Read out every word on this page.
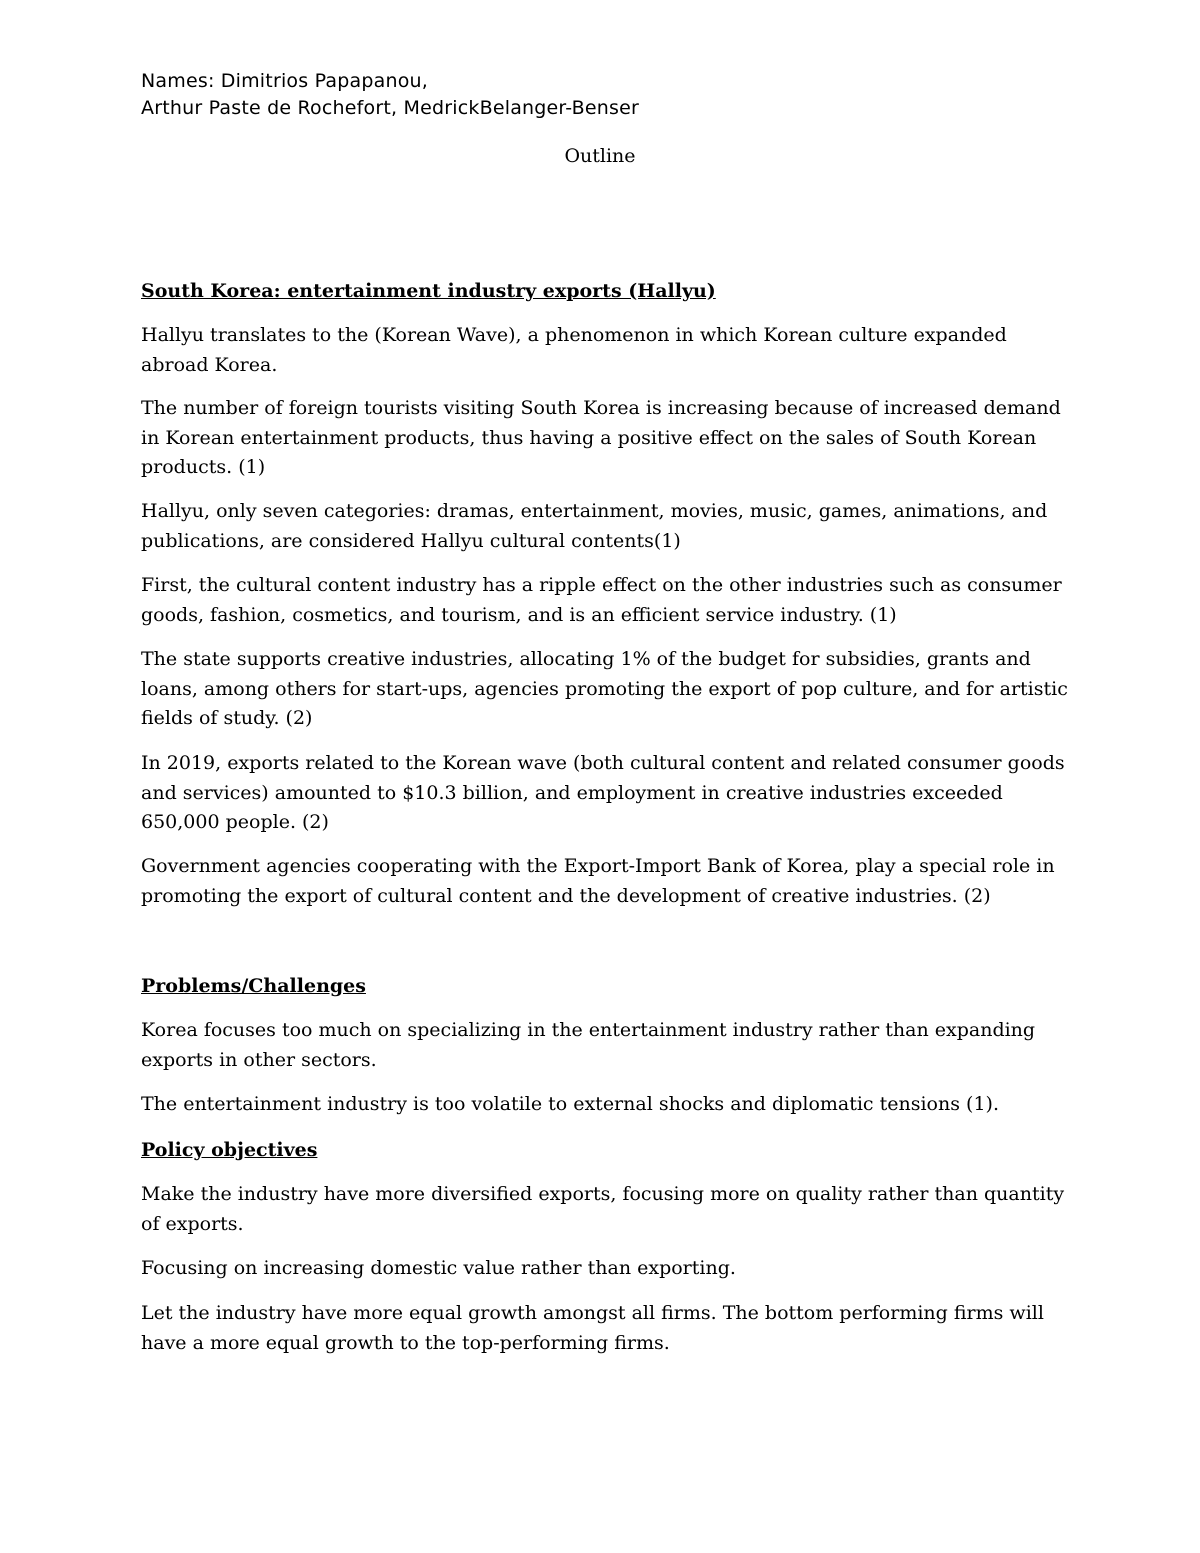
Names: Dimitrios Papapanou,
Arthur Paste de Rochefort, MedrickBelanger-Benser
Outline

South Korea: entertainment industry exports (Hallyu)

Hallyu translates to the (Korean Wave), a phenomenon in which Korean culture expanded abroad Korea.

The number of foreign tourists visiting South Korea is increasing because of increased demand in Korean entertainment products, thus having a positive effect on the sales of South Korean products. (1)

Hallyu, only seven categories: dramas, entertainment, movies, music, games, animations, and publications, are considered Hallyu cultural contents(1)

First, the cultural content industry has a ripple effect on the other industries such as consumer goods, fashion, cosmetics, and tourism, and is an efficient service industry. (1)

The state supports creative industries, allocating 1% of the budget for subsidies, grants and loans, among others for start-ups, agencies promoting the export of pop culture, and for artistic fields of study. (2)

In 2019, exports related to the Korean wave (both cultural content and related consumer goods and services) amounted to $10.3 billion, and employment in creative industries exceeded 650,000 people. (2)

Government agencies cooperating with the Export-Import Bank of Korea, play a special role in promoting the export of cultural content and the development of creative industries. (2)

Problems/Challenges

Korea focuses too much on specializing in the entertainment industry rather than expanding exports in other sectors.

The entertainment industry is too volatile to external shocks and diplomatic tensions (1).

Policy objectives

Make the industry have more diversified exports, focusing more on quality rather than quantity of exports.

Focusing on increasing domestic value rather than exporting.

Let the industry have more equal growth amongst all firms. The bottom performing firms will have a more equal growth to the top-performing firms.
